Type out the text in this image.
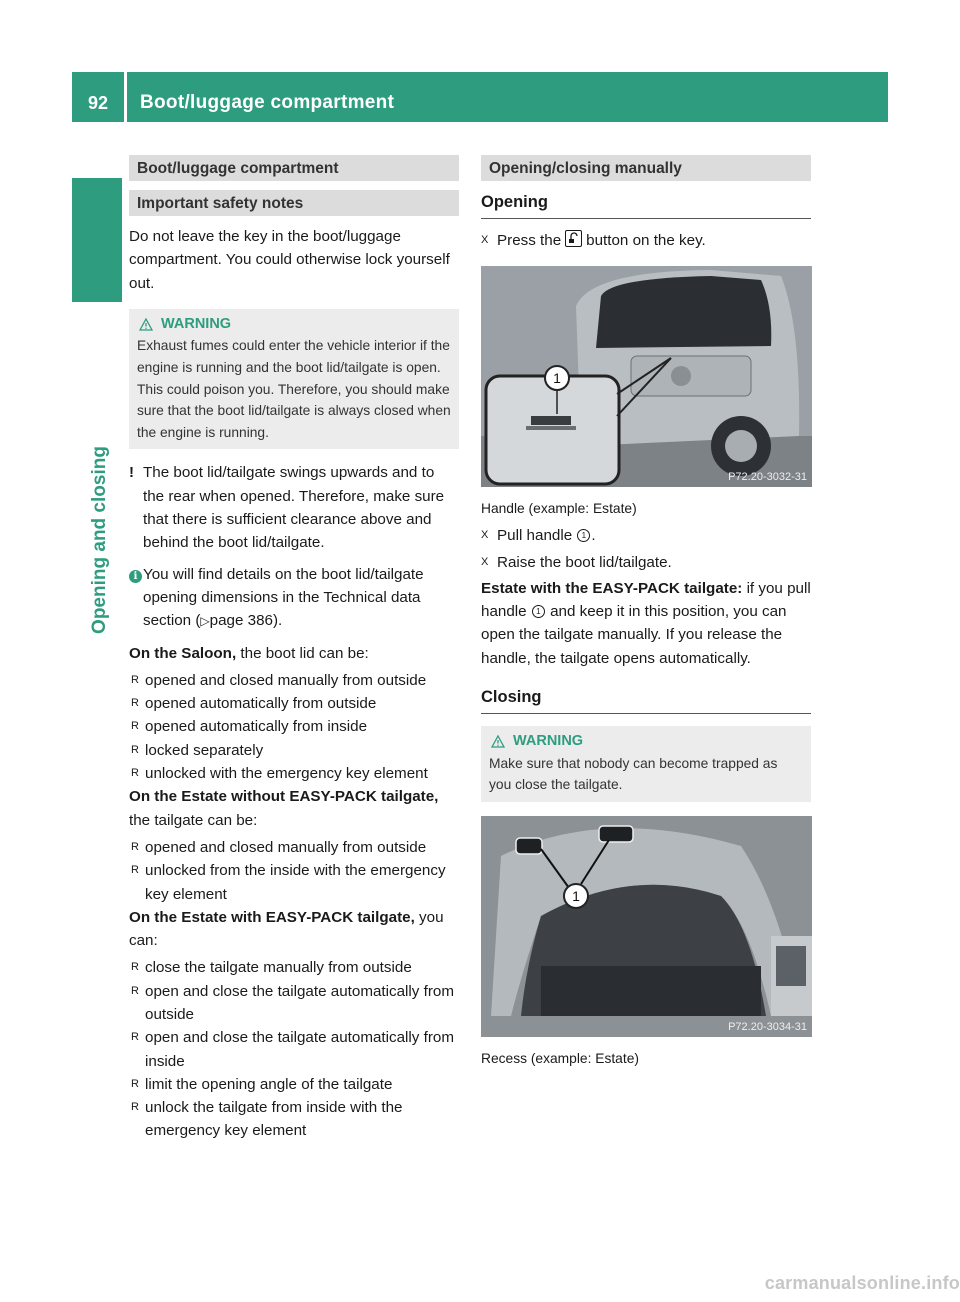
92	Boot/luggage compartment
Opening and closing
Boot/luggage compartment
Important safety notes

Do not leave the key in the boot/luggage compartment. You could otherwise lock yourself out.

WARNING
Exhaust fumes could enter the vehicle interior if the engine is running and the boot lid/tailgate is open. This could poison you. Therefore, you should make sure that the boot lid/tailgate is always closed when the engine is running.
! The boot lid/tailgate swings upwards and to the rear when opened. Therefore, make sure that there is sufficient clearance above and behind the boot lid/tailgate.
i You will find details on the boot lid/tailgate opening dimensions in the Technical data section (▷page 386).

On the Saloon, the boot lid can be:

R opened and closed manually from outside
R opened automatically from outside
R opened automatically from inside
R locked separately
R unlocked with the emergency key element

On the Estate without EASY-PACK tailgate, the tailgate can be:

R opened and closed manually from outside
R unlocked from the inside with the emergency key element

On the Estate with EASY-PACK tailgate, you can:

R close the tailgate manually from outside
R open and close the tailgate automatically from outside
R open and close the tailgate automatically from inside
R limit the opening angle of the tailgate
R unlock the tailgate from inside with the emergency key element
Opening/closing manually
Opening
X Press the button on the key.
1
P72.20-3032-31
Handle (example: Estate)
X Pull handle 1 .
X Raise the boot lid/tailgate.

Estate with the EASY-PACK tailgate: if you pull handle 1 and keep it in this position, you can open the tailgate manually. If you release the handle, the tailgate opens automatically.

Closing
WARNING
Make sure that nobody can become trapped as you close the tailgate.
1
P72.20-3034-31
Recess (example: Estate)
carmanualsonline.info
